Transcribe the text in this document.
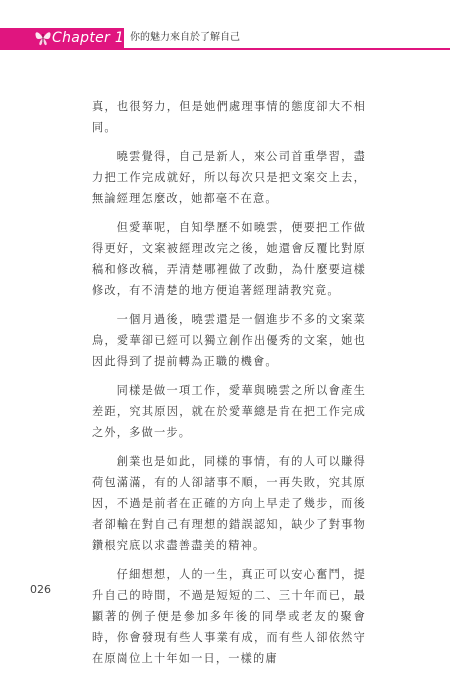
Chapter 1 你的魅力來自於了解自己

真，也很努力，但是她們處理事情的態度卻大不相同。

曉雲覺得，自己是新人，來公司首重學習，盡力把工作完成就好，所以每次只是把文案交上去，無論經理怎麼改，她都毫不在意。

但愛華呢，自知學歷不如曉雲，便要把工作做得更好，文案被經理改完之後，她還會反覆比對原稿和修改稿，弄清楚哪裡做了改動，為什麼要這樣修改，有不清楚的地方便追著經理請教究竟。

一個月過後，曉雲還是一個進步不多的文案菜鳥，愛華卻已經可以獨立創作出優秀的文案，她也因此得到了提前轉為正職的機會。

同樣是做一項工作，愛華與曉雲之所以會產生差距，究其原因，就在於愛華總是肯在把工作完成之外，多做一步。

創業也是如此，同樣的事情，有的人可以賺得荷包滿滿，有的人卻諸事不順，一再失敗，究其原因，不過是前者在正確的方向上早走了幾步，而後者卻輸在對自己有理想的錯誤認知，缺少了對事物鑽根究底以求盡善盡美的精神。

仔細想想，人的一生，真正可以安心奮鬥，提升自己的時間，不過是短短的二、三十年而已，最顯著的例子便是參加多年後的同學或老友的聚會時，你會發現有些人事業有成，而有些人卻依然守在原崗位上十年如一日，一樣的庸

026
